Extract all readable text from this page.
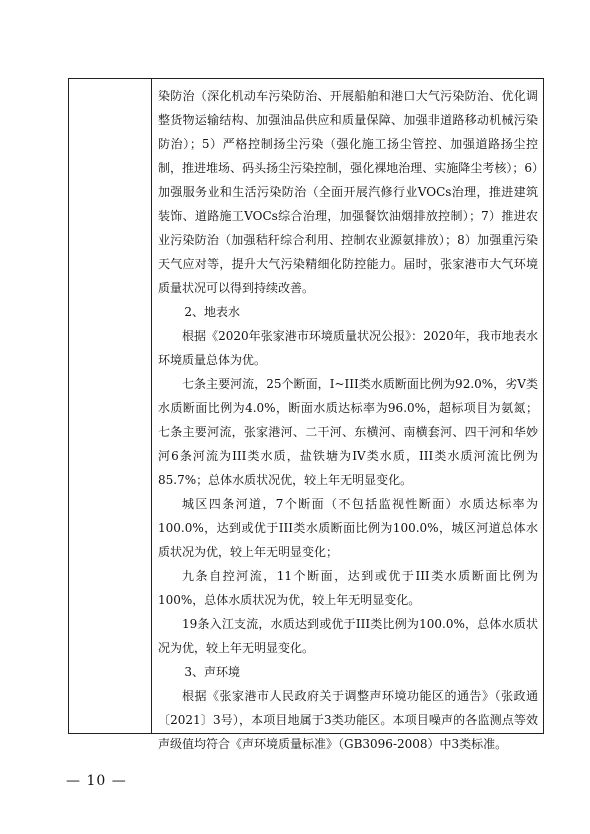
染防治（深化机动车污染防治、开展船舶和港口大气污染防治、优化调整货物运输结构、加强油品供应和质量保障、加强非道路移动机械污染防治）；5）严格控制扬尘污染（强化施工扬尘管控、加强道路扬尘控制，推进堆场、码头扬尘污染控制，强化裸地治理、实施降尘考核）；6）加强服务业和生活污染防治（全面开展汽修行业VOCs治理，推进建筑装饰、道路施工VOCs综合治理，加强餐饮油烟排放控制）；7）推进农业污染防治（加强秸秆综合利用、控制农业源氨排放）；8）加强重污染天气应对等，提升大气污染精细化防控能力。届时，张家港市大气环境质量状况可以得到持续改善。

2、地表水

根据《2020年张家港市环境质量状况公报》：2020年，我市地表水环境质量总体为优。

七条主要河流，25个断面，I~III类水质断面比例为92.0%，劣V类水质断面比例为4.0%，断面水质达标率为96.0%，超标项目为氨氮；七条主要河流，张家港河、二干河、东横河、南横套河、四干河和华妙河6条河流为III类水质，盐铁塘为IV类水质，III类水质河流比例为85.7%；总体水质状况优，较上年无明显变化。

城区四条河道，7个断面（不包括监视性断面）水质达标率为100.0%，达到或优于III类水质断面比例为100.0%，城区河道总体水质状况为优，较上年无明显变化；

九条自控河流，11个断面，达到或优于III类水质断面比例为100%，总体水质状况为优，较上年无明显变化。

19条入江支流，水质达到或优于III类比例为100.0%，总体水质状况为优，较上年无明显变化。

3、声环境

根据《张家港市人民政府关于调整声环境功能区的通告》（张政通〔2021〕3号），本项目地属于3类功能区。本项目噪声的各监测点等效声级值均符合《声环境质量标准》（GB3096-2008）中3类标准。

— 10 —
